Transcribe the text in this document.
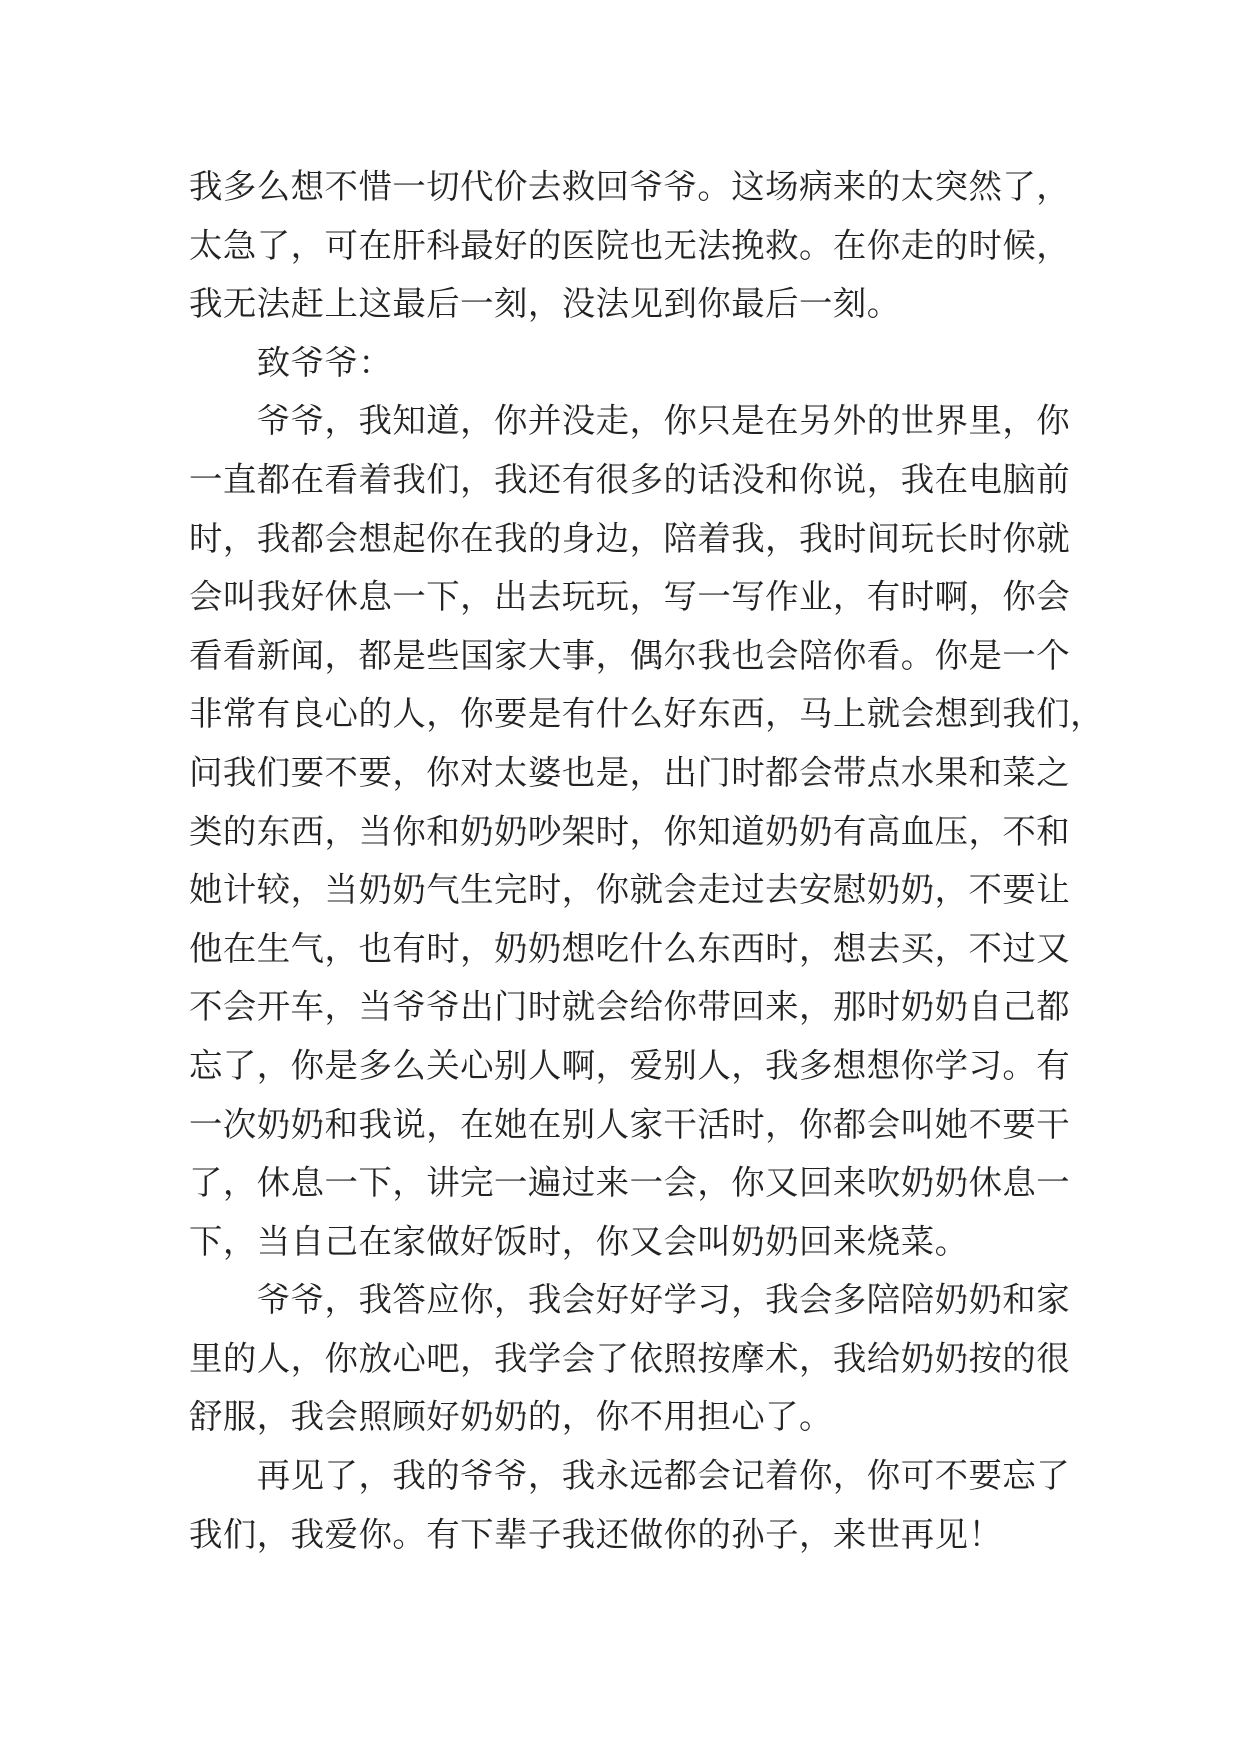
我多么想不惜一切代价去救回爷爷。这场病来的太突然了，
太急了，可在肝科最好的医院也无法挽救。在你走的时候，
我无法赶上这最后一刻，没法见到你最后一刻。
　　致爷爷：
　　爷爷，我知道，你并没走，你只是在另外的世界里，你
一直都在看着我们，我还有很多的话没和你说，我在电脑前
时，我都会想起你在我的身边，陪着我，我时间玩长时你就
会叫我好休息一下，出去玩玩，写一写作业，有时啊，你会
看看新闻，都是些国家大事，偶尔我也会陪你看。你是一个
非常有良心的人，你要是有什么好东西，马上就会想到我们，
问我们要不要，你对太婆也是，出门时都会带点水果和菜之
类的东西，当你和奶奶吵架时，你知道奶奶有高血压，不和
她计较，当奶奶气生完时，你就会走过去安慰奶奶，不要让
他在生气，也有时，奶奶想吃什么东西时，想去买，不过又
不会开车，当爷爷出门时就会给你带回来，那时奶奶自己都
忘了，你是多么关心别人啊，爱别人，我多想想你学习。有
一次奶奶和我说，在她在别人家干活时，你都会叫她不要干
了，休息一下，讲完一遍过来一会，你又回来吹奶奶休息一
下，当自己在家做好饭时，你又会叫奶奶回来烧菜。
　　爷爷，我答应你，我会好好学习，我会多陪陪奶奶和家
里的人，你放心吧，我学会了依照按摩术，我给奶奶按的很
舒服，我会照顾好奶奶的，你不用担心了。
　　再见了，我的爷爷，我永远都会记着你，你可不要忘了
我们，我爱你。有下辈子我还做你的孙子，来世再见！
